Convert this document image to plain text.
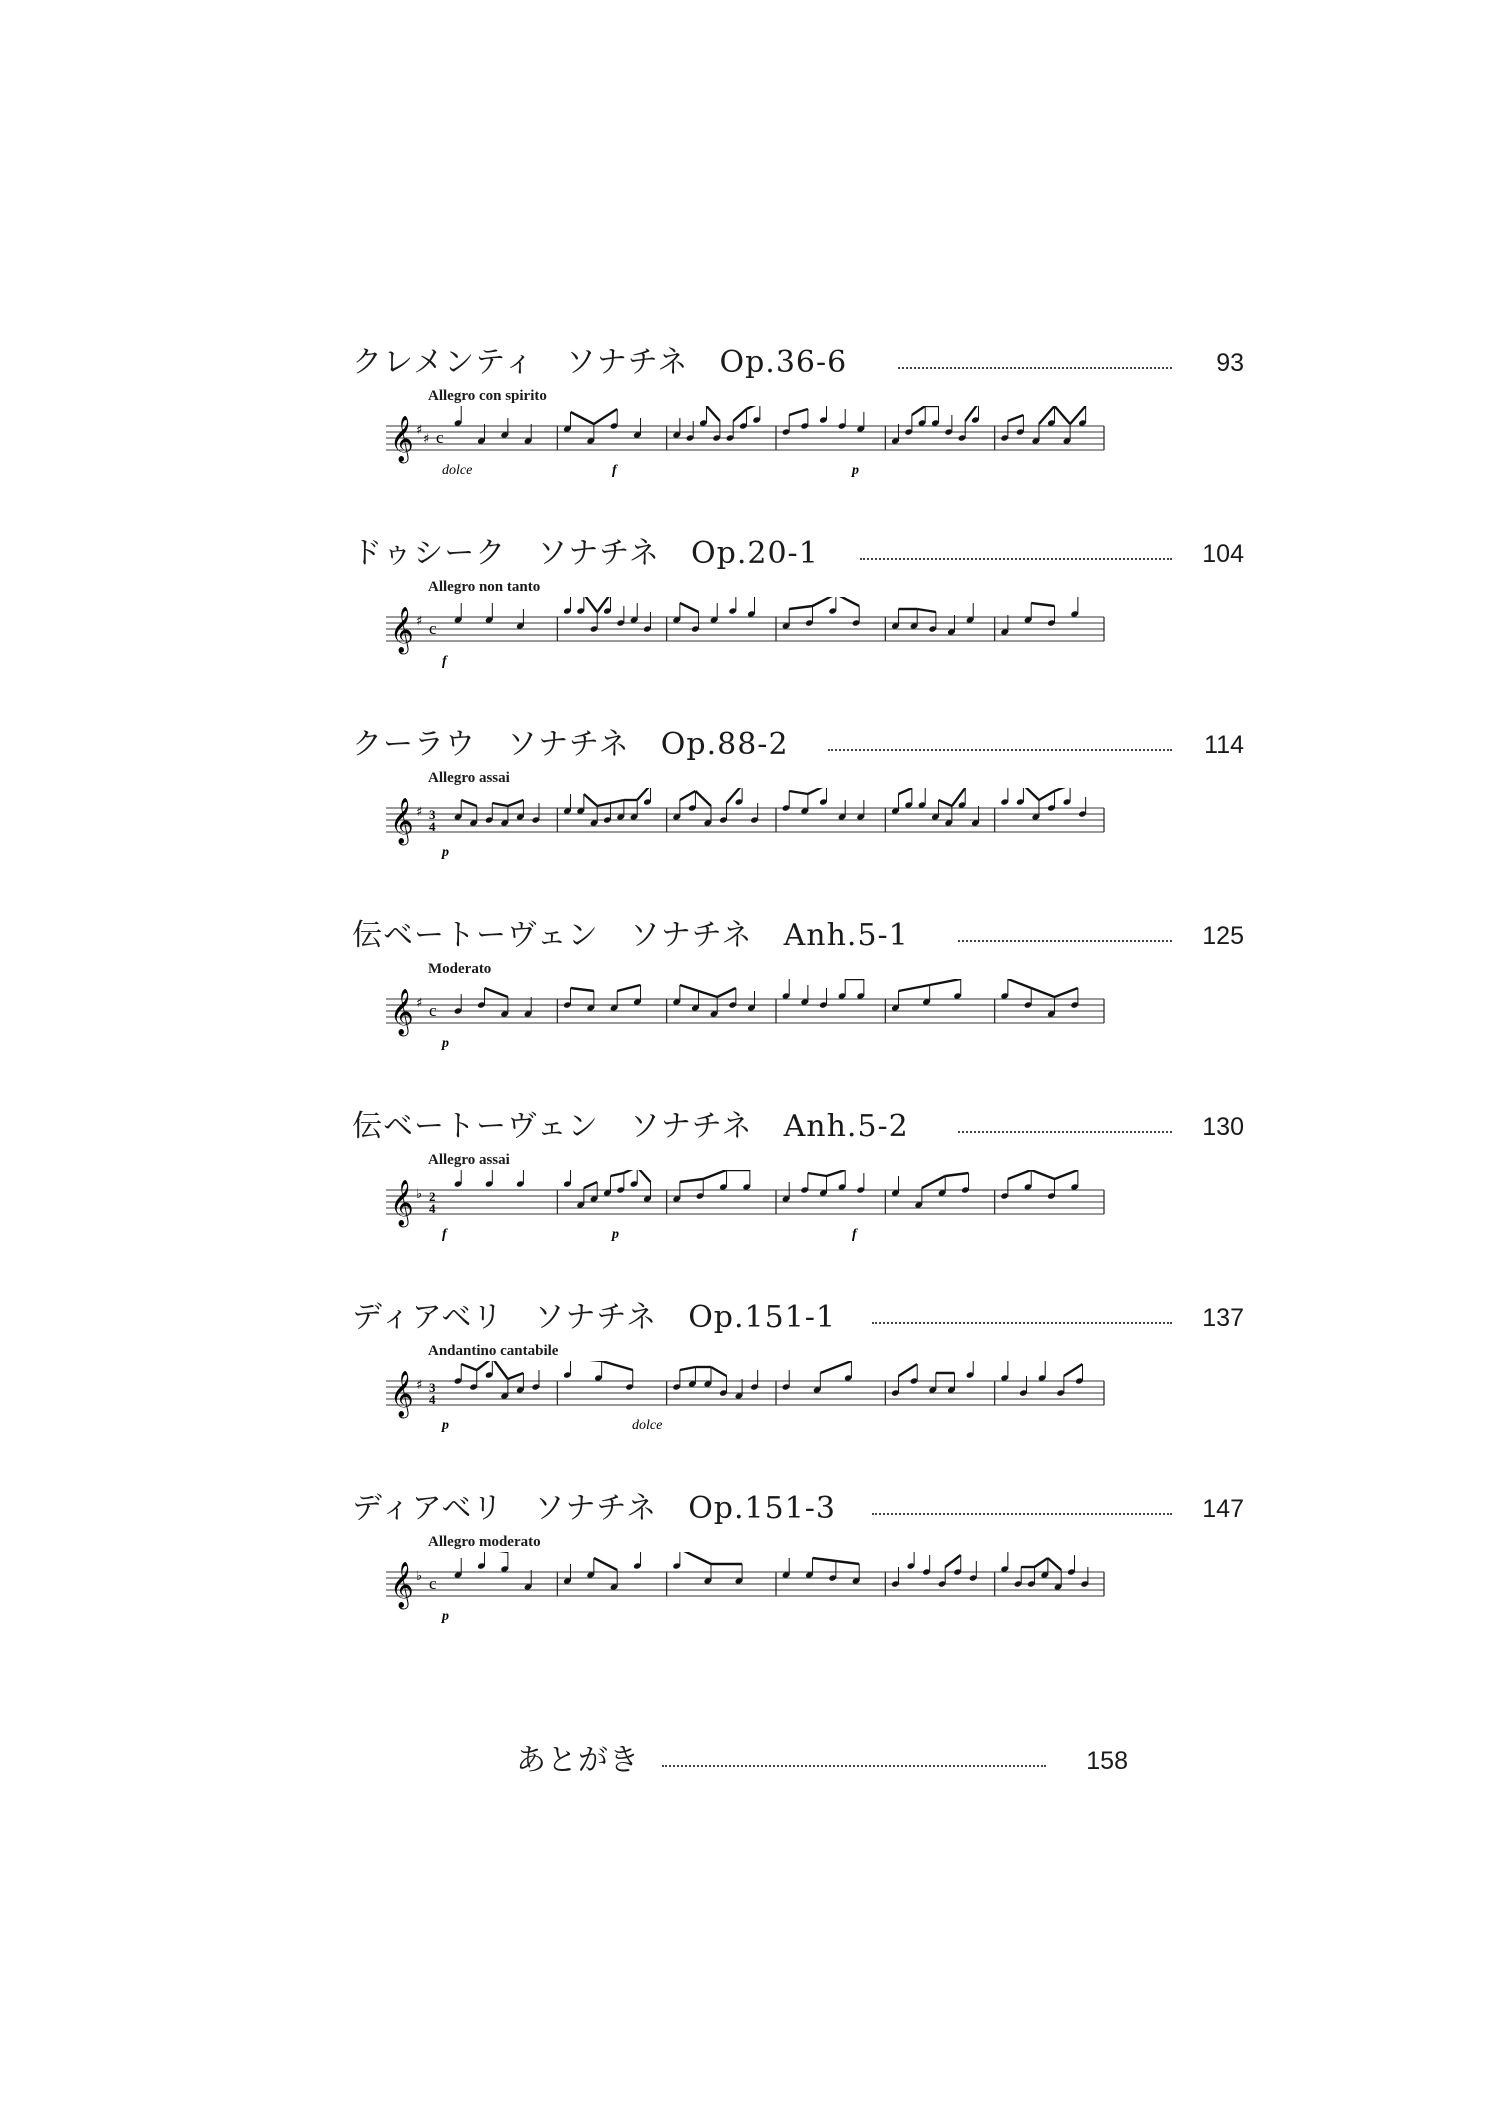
クレメンティ　ソナチネ　Op.36-6	93
Allegro con spirito
𝄞 ♯
♯ c
dolce	f	p
ドゥシーク　ソナチネ　Op.20-1	104
Allegro non tanto
𝄞 ♯ c
f
クーラウ　ソナチネ　Op.88-2	114
Allegro assai
𝄞 ♯ 3
4
p
伝ベートーヴェン　ソナチネ　Anh.5-1	125
Moderato
𝄞 ♯ c
p
伝ベートーヴェン　ソナチネ　Anh.5-2	130
Allegro assai
𝄞 ♭ 2
4
f	p	f
ディアベリ　ソナチネ　Op.151-1	137
Andantino cantabile
𝄞 ♯ 3
4
p	dolce
ディアベリ　ソナチネ　Op.151-3	147
Allegro moderato
𝄞 ♭ c
p
あとがき	158
